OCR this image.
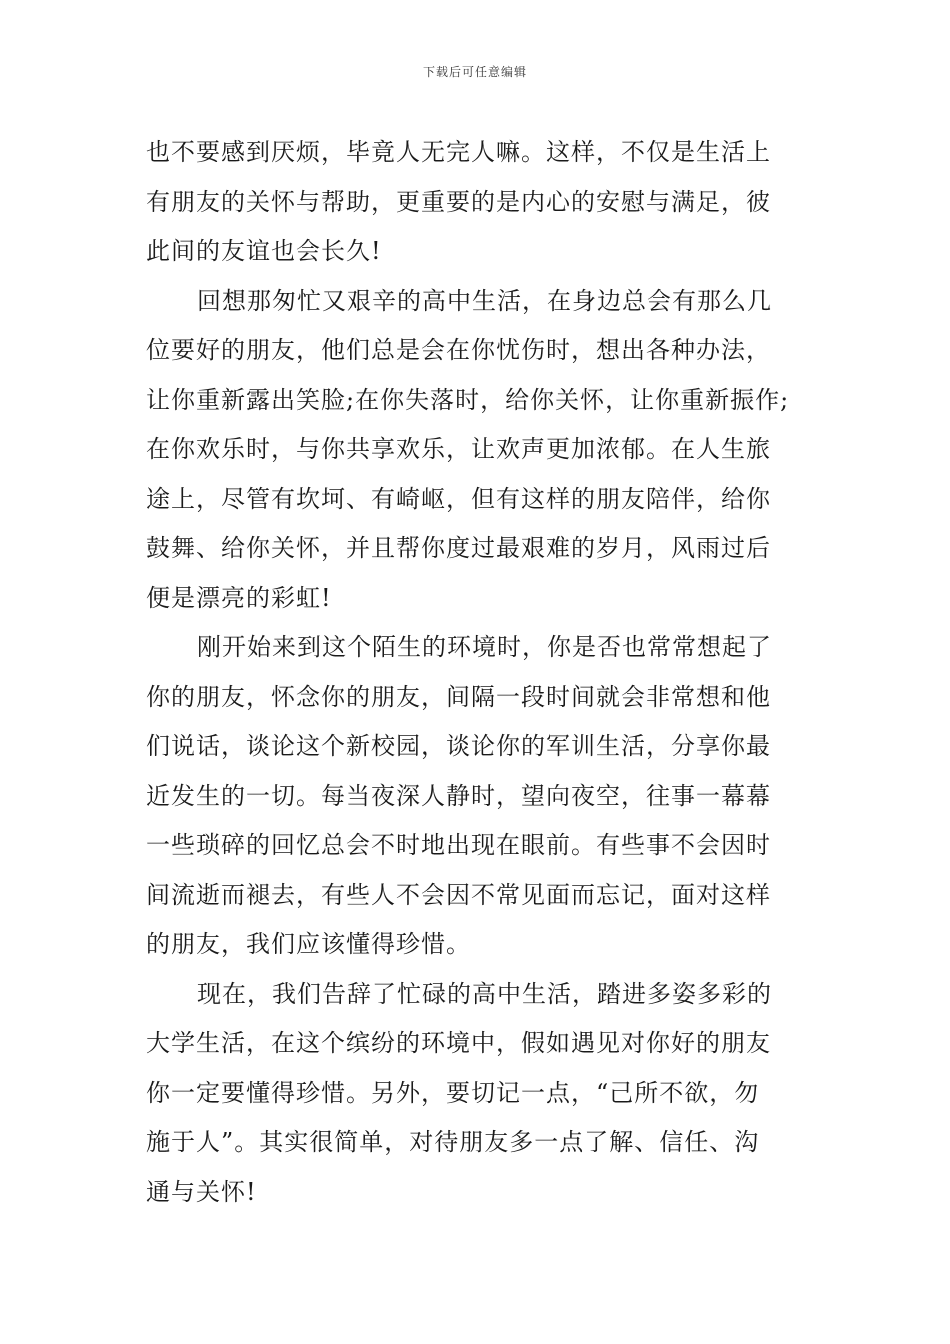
下载后可任意编辑
也不要感到厌烦，毕竟人无完人嘛。这样，不仅是生活上
有朋友的关怀与帮助，更重要的是内心的安慰与满足，彼
此间的友谊也会长久!
回想那匆忙又艰辛的高中生活，在身边总会有那么几
位要好的朋友，他们总是会在你忧伤时，想出各种办法，
让你重新露出笑脸;在你失落时，给你关怀，让你重新振作;
在你欢乐时，与你共享欢乐，让欢声更加浓郁。在人生旅
途上，尽管有坎坷、有崎岖，但有这样的朋友陪伴，给你
鼓舞、给你关怀，并且帮你度过最艰难的岁月，风雨过后
便是漂亮的彩虹!
刚开始来到这个陌生的环境时，你是否也常常想起了
你的朋友，怀念你的朋友，间隔一段时间就会非常想和他
们说话，谈论这个新校园，谈论你的军训生活，分享你最
近发生的一切。每当夜深人静时，望向夜空，往事一幕幕
一些琐碎的回忆总会不时地出现在眼前。有些事不会因时
间流逝而褪去，有些人不会因不常见面而忘记，面对这样
的朋友，我们应该懂得珍惜。
现在，我们告辞了忙碌的高中生活，踏进多姿多彩的
大学生活，在这个缤纷的环境中，假如遇见对你好的朋友
你一定要懂得珍惜。另外，要切记一点，“己所不欲，勿
施于人”。其实很简单，对待朋友多一点了解、信任、沟
通与关怀!
